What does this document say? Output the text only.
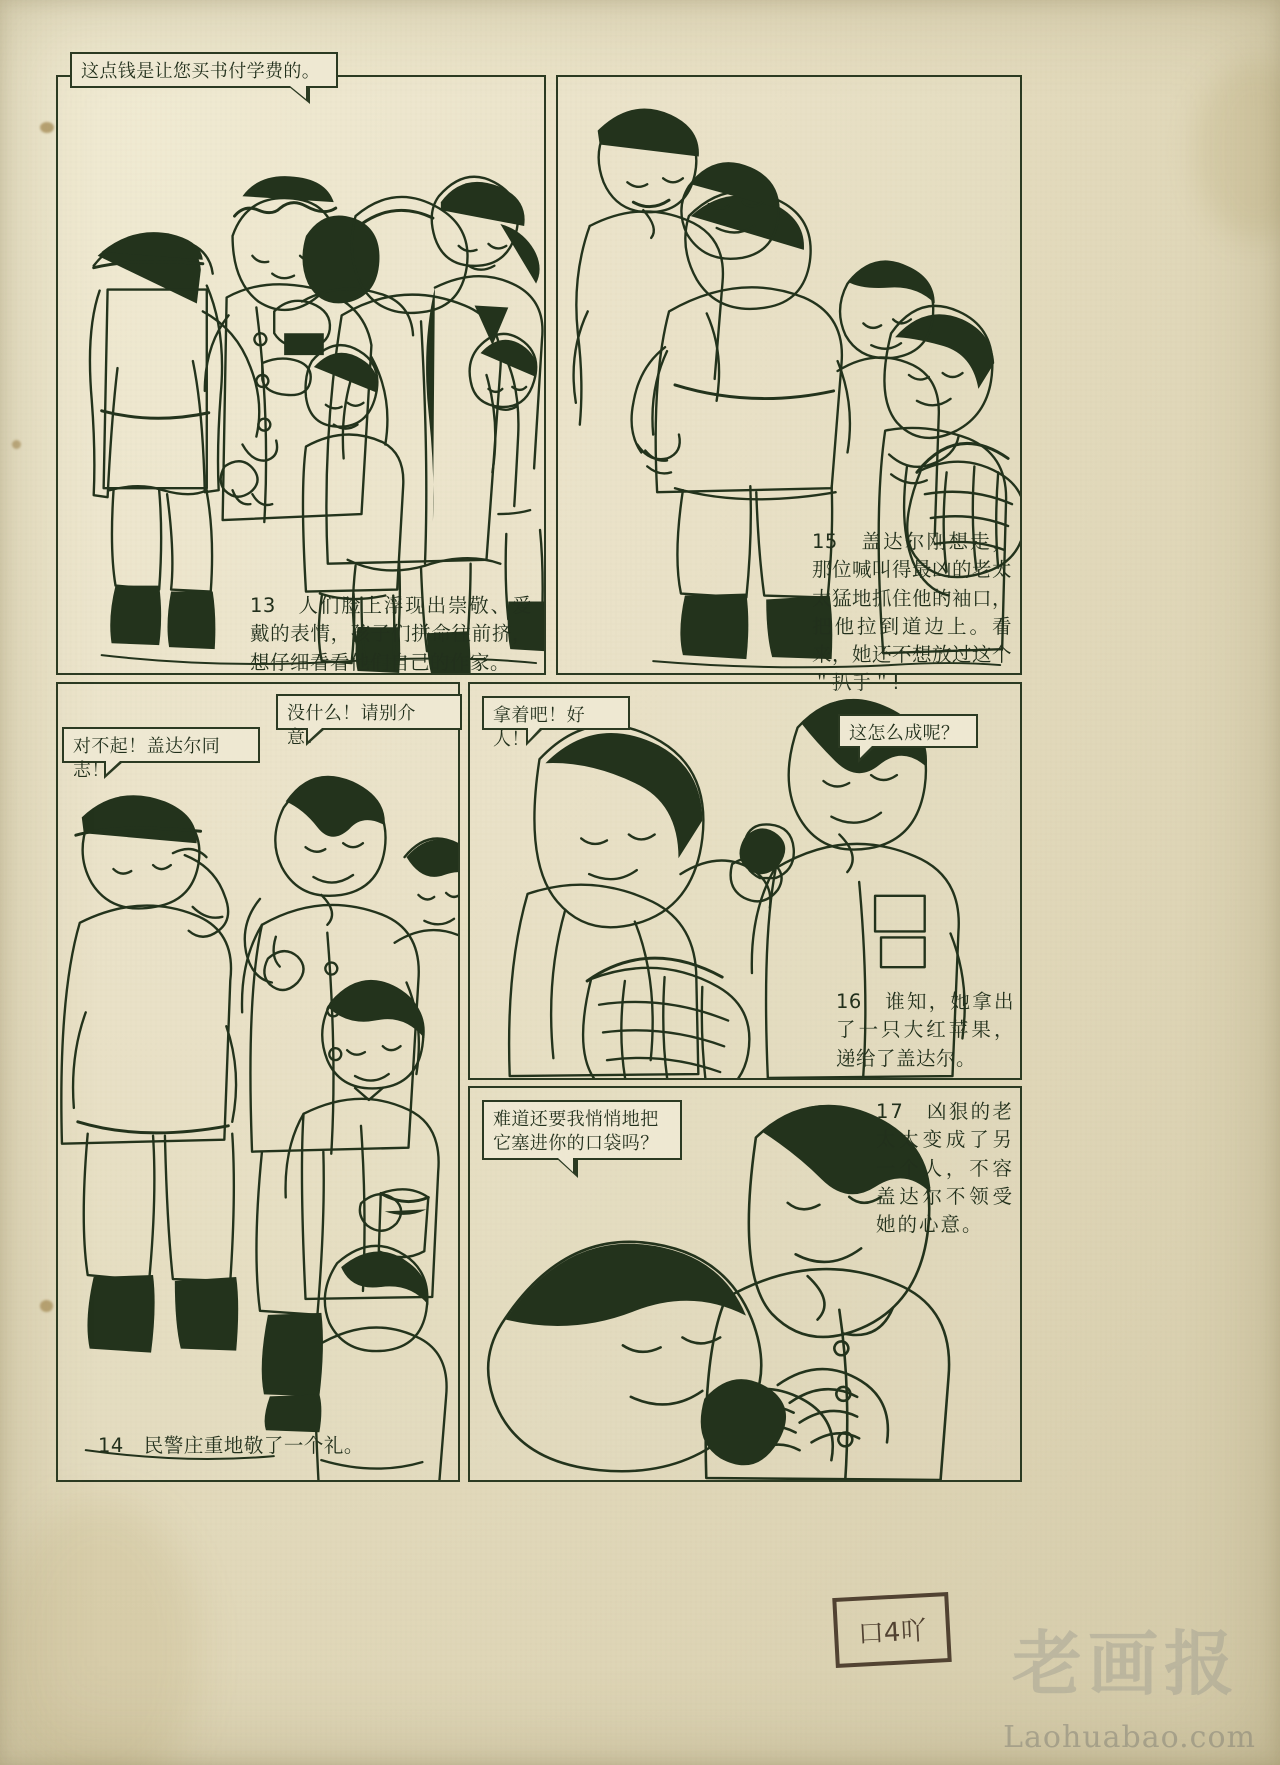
这点钱是让您买书付学费的。
13　人们脸上浮现出崇敬、爱戴的表情，孩子们拼命往前挤，想仔细看看他们自己的作家。
15　盖达尔刚想走，那位喊叫得最凶的老太太猛地抓住他的袖口，把他拉到道边上。看来，她还不想放过这个＂扒手＂!
对不起！盖达尔同志！
没什么！请别介意！
14　民警庄重地敬了一个礼。
拿着吧！好人！	这怎么成呢？
16　谁知，她拿出了一只大红苹果，递给了盖达尔。
难道还要我悄悄地把它塞进你的口袋吗？
17　凶狠的老太太变成了另一个人，不容盖达尔不领受她的心意。
口4吖 老画报
Laohuabao.com
